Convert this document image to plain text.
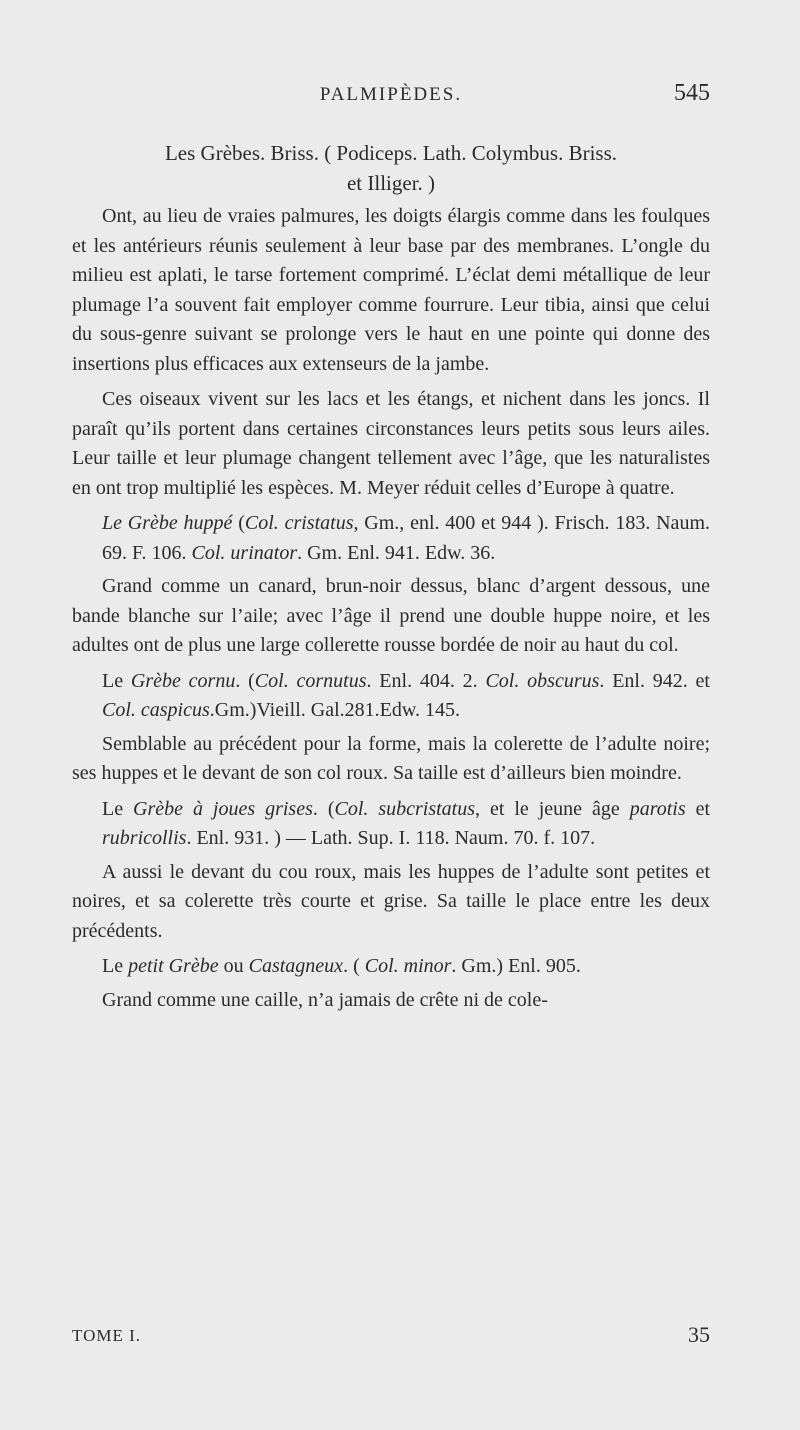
PALMIPÈDES.	545
Les Grèbes. Briss. ( Podiceps. Lath. Colymbus. Briss.
et Illiger. )

Ont, au lieu de vraies palmures, les doigts élargis comme dans les foulques et les antérieurs réunis seulement à leur base par des membranes. L’ongle du milieu est aplati, le tarse fortement comprimé. L’éclat demi métallique de leur plumage l’a souvent fait employer comme fourrure. Leur tibia, ainsi que celui du sous-genre suivant se prolonge vers le haut en une pointe qui donne des insertions plus efficaces aux extenseurs de la jambe.

Ces oiseaux vivent sur les lacs et les étangs, et nichent dans les joncs. Il paraît qu’ils portent dans certaines circonstances leurs petits sous leurs ailes. Leur taille et leur plumage changent tellement avec l’âge, que les naturalistes en ont trop multiplié les espèces. M. Meyer réduit celles d’Europe à quatre.

Le Grèbe huppé (Col. cristatus, Gm., enl. 400 et 944 ). Frisch. 183. Naum. 69. F. 106. Col. urinator. Gm. Enl. 941. Edw. 36.

Grand comme un canard, brun-noir dessus, blanc d’argent dessous, une bande blanche sur l’aile; avec l’âge il prend une double huppe noire, et les adultes ont de plus une large collerette rousse bordée de noir au haut du col.

Le Grèbe cornu. (Col. cornutus. Enl. 404. 2. Col. obscurus. Enl. 942. et Col. caspicus.Gm.)Vieill. Gal.281.Edw. 145.

Semblable au précédent pour la forme, mais la colerette de l’adulte noire; ses huppes et le devant de son col roux. Sa taille est d’ailleurs bien moindre.

Le Grèbe à joues grises. (Col. subcristatus, et le jeune âge parotis et rubricollis. Enl. 931. ) — Lath. Sup. I. 118. Naum. 70. f. 107.

A aussi le devant du cou roux, mais les huppes de l’adulte sont petites et noires, et sa colerette très courte et grise. Sa taille le place entre les deux précédents.

Le petit Grèbe ou Castagneux. ( Col. minor. Gm.) Enl. 905.

Grand comme une caille, n’a jamais de crête ni de cole-

TOME I.	35
